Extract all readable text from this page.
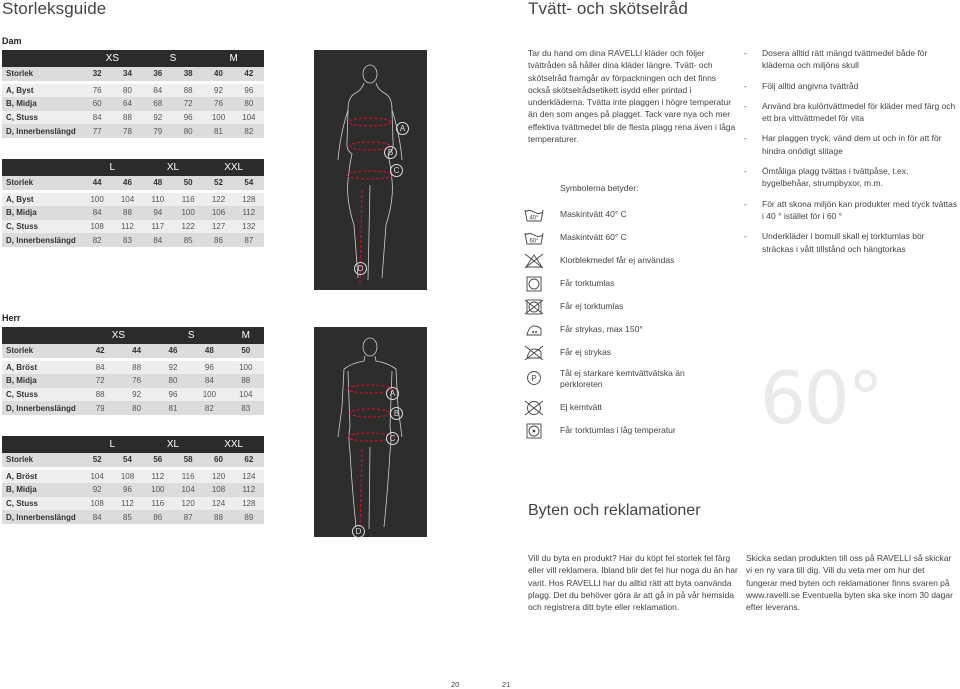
Storleksguide
Dam
	XS		S		M	
Storlek	32	34	36	38	40	42

A, Byst	76	80	84	88	92	96
B, Midja	60	64	68	72	76	80
C, Stuss	84	88	92	96	100	104
D, Innerbenslängd	77	78	79	80	81	82
	L		XL		XXL	
Storlek	44	46	48	50	52	54

A, Byst	100	104	110	116	122	128
B, Midja	84	88	94	100	106	112
C, Stuss	108	112	117	122	127	132
D, Innerbenslängd	82	83	84	85	86	87
Herr
	XS		S		M
Storlek	42	44	46	48	50

A, Bröst	84	88	92	96	100
B, Midja	72	76	80	84	88
C, Stuss	88	92	96	100	104
D, Innerbenslängd	79	80	81	82	83
	L		XL		XXL	
Storlek	52	54	56	58	60	62

A, Bröst	104	108	112	116	120	124
B, Midja	92	96	100	104	108	112
C, Stuss	108	112	116	120	124	128
D, Innerbenslängd	84	85	86	87	88	89
A
B
C
D
A
B
C
D
20
Tvätt- och skötselråd
Tar du hand om dina RAVELLI kläder och följer tvättråden så håller dina kläder längre. Tvätt- och skötselråd framgår av förpackningen och det finns också skötselrådsetikett isydd eller printad i underkläderna. Tvätta inte plaggen i högre temperatur än den som anges på plagget. Tack vare nya och mer effektiva tvättmedel blir de flesta plagg rena även i låga temperaturer.
-	Dosera alltid rätt mängd tvättmedel både för kläderna och miljöns skull
-	Följ alltid angivna tvättråd
-	Använd bra kulörtvättmedel för kläder med färg och ett bra vittvättmedel för vita
-	Har plaggen tryck, vänd dem ut och in för att för hindra onödigt slitage
-	Ömtåliga plagg tvättas i tvättpåse, t.ex. bygelbehåar, strumpbyxor, m.m.
-	För att skona miljön kan produkter med tryck tvättas i 40 ° istället för i 60 °
-	Underkläder i bomull skall ej torktumlas bör sträckas i vått tillstånd och hängtorkas
Symbolerna betyder:
40°	Maskintvätt 40° C
60°	Maskintvätt 60° C
Klorblekmedel får ej användas
Får torktumlas
Får ej torktumlas
Får strykas, max 150°
Får ej strykas
P
Tål ej starkare kemtvättvätska än perkloreten
Ej kemtvätt
Får torktumlas i låg temperatur 60°
Byten och reklamationer
Vill du byta en produkt? Har du köpt fel storlek fel färg eller vill reklamera. Ibland blir det fel hur noga du än har varit. Hos RAVELLI har du alltid rätt att byta oanvända plagg. Det du behöver göra är att gå in på vår hemsida och registrera ditt byte eller reklamation.
Skicka sedan produkten till oss på RAVELLI så skickar vi en ny vara till dig. Vill du veta mer om hur det fungerar med byten och reklamationer finns svaren på www.ravelli.se Eventuella byten ska ske inom 30 dagar efter leverans.
21
